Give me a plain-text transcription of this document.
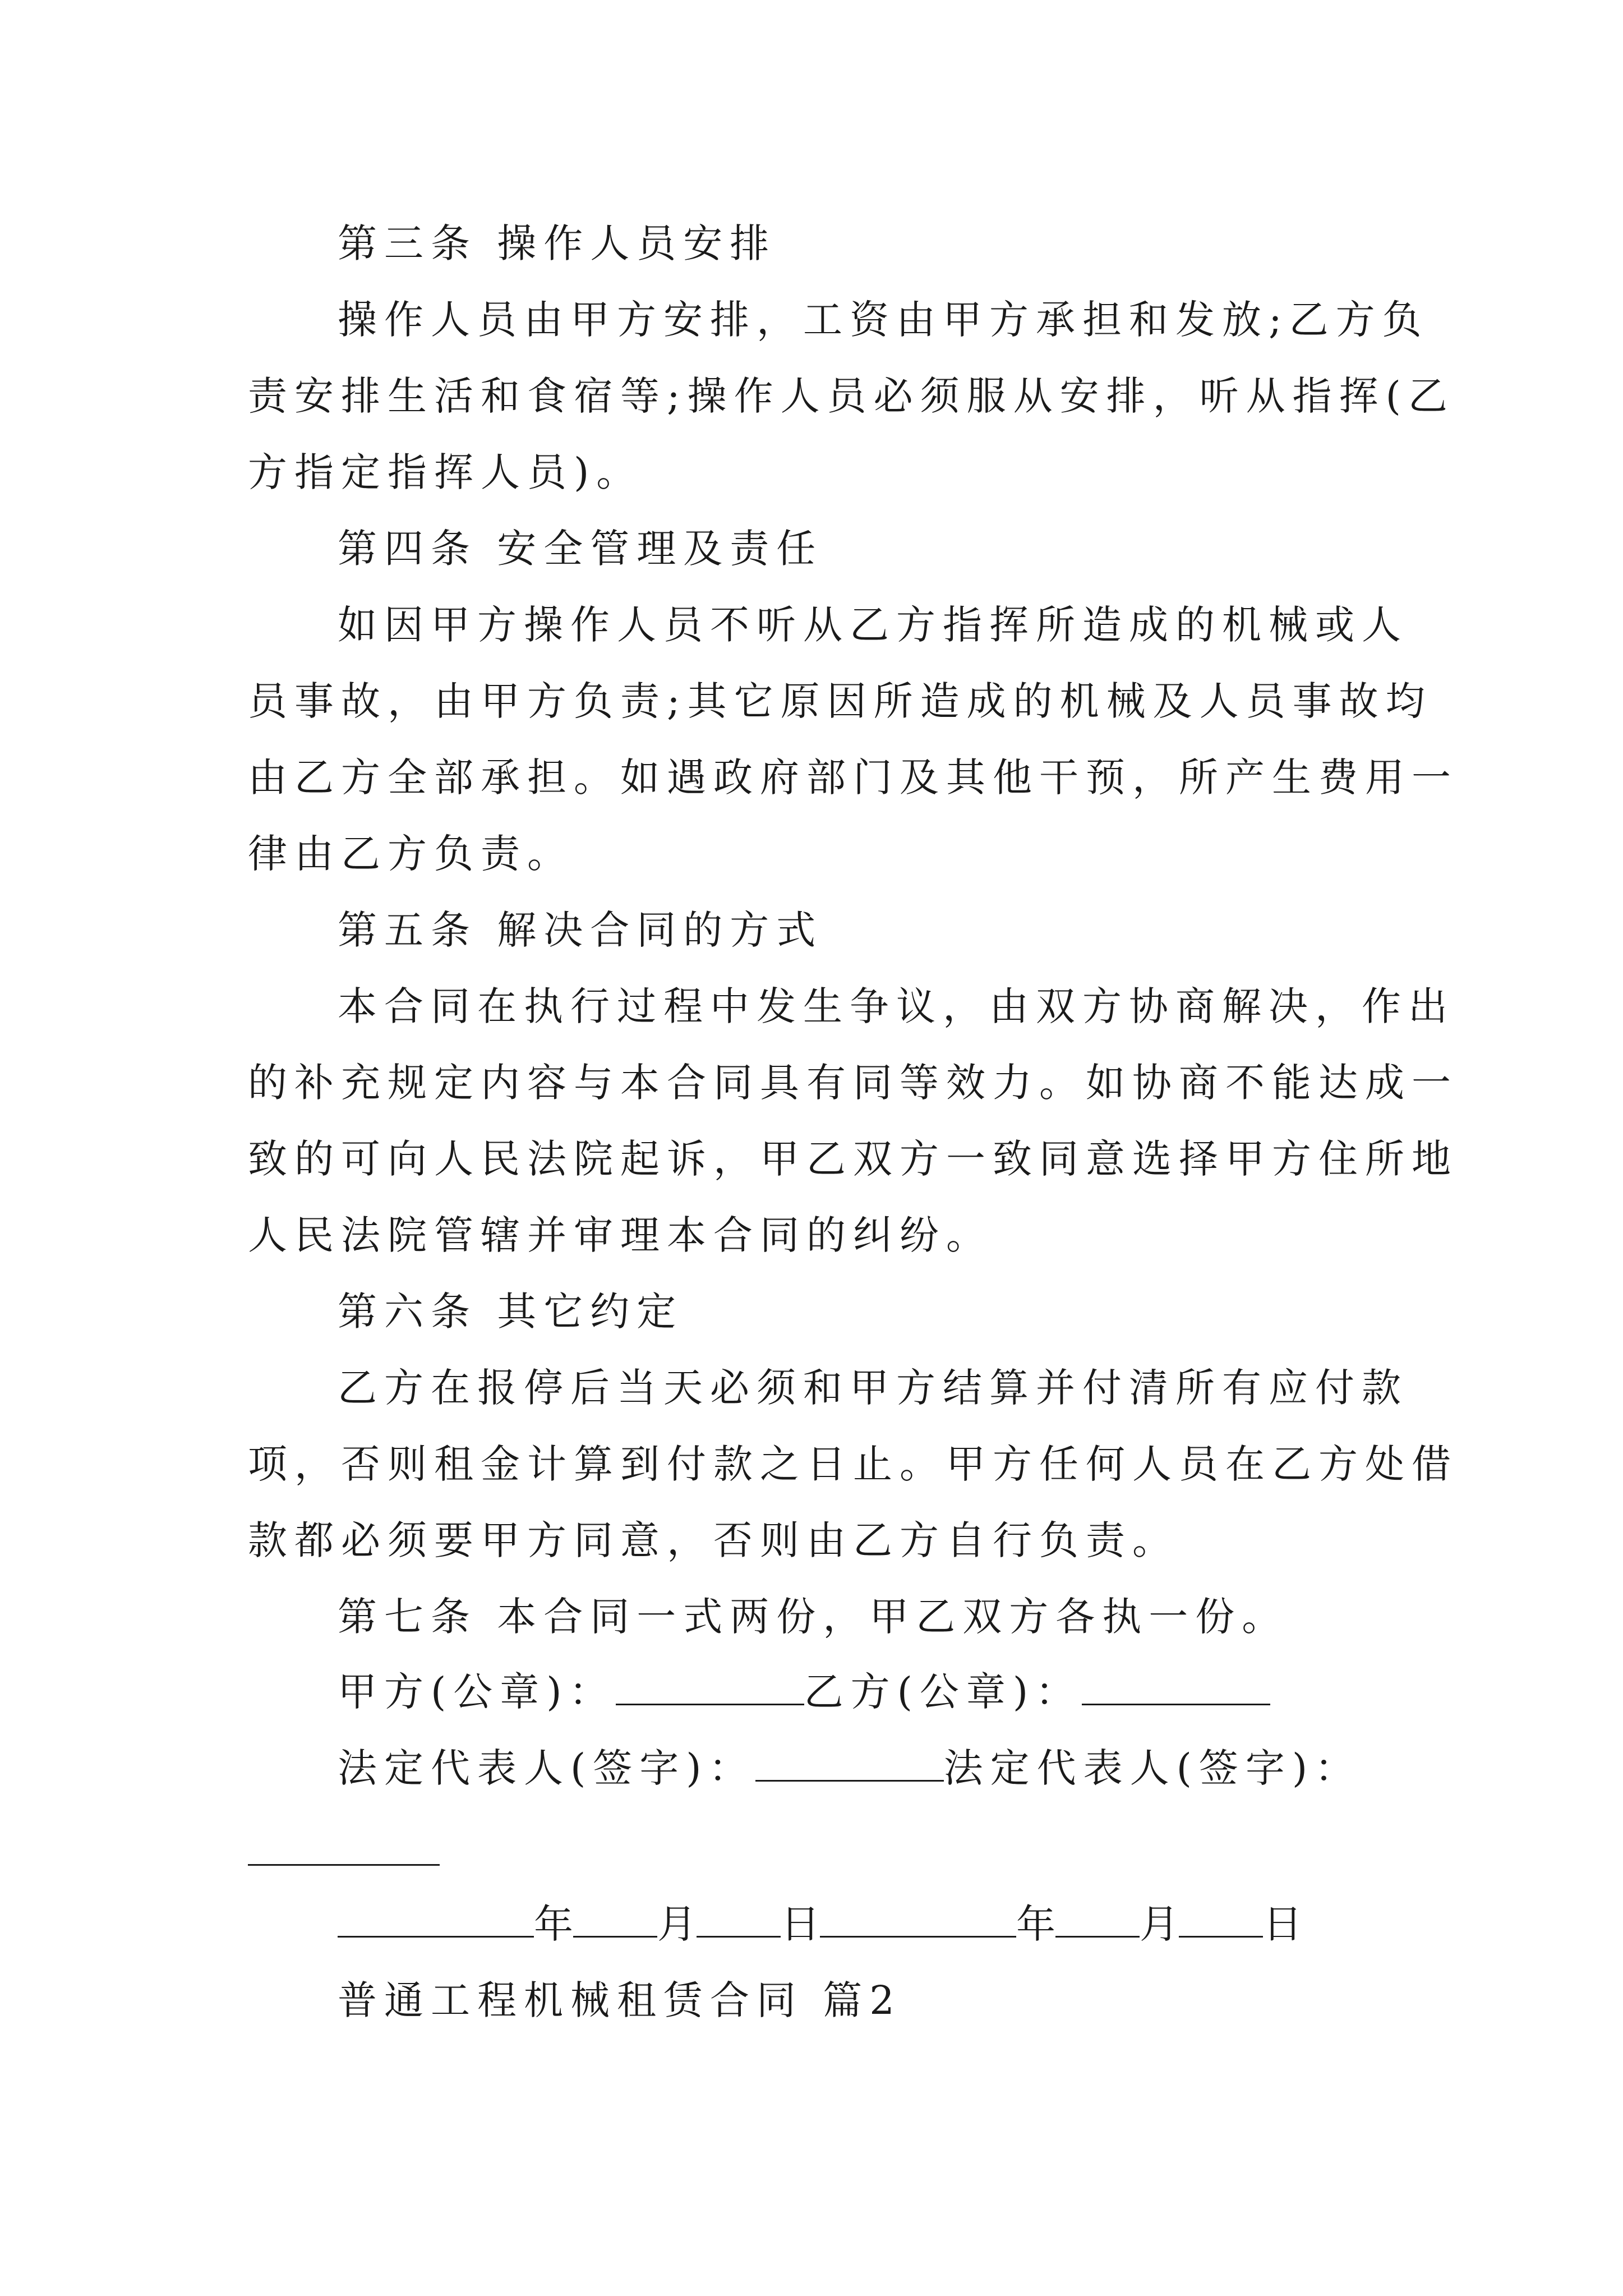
第三条 操作人员安排
操作人员由甲方安排，工资由甲方承担和发放;乙方负
责安排生活和食宿等;操作人员必须服从安排，听从指挥(乙
方指定指挥人员)。
第四条 安全管理及责任
如因甲方操作人员不听从乙方指挥所造成的机械或人
员事故，由甲方负责;其它原因所造成的机械及人员事故均
由乙方全部承担。如遇政府部门及其他干预，所产生费用一
律由乙方负责。
第五条 解决合同的方式
本合同在执行过程中发生争议，由双方协商解决，作出
的补充规定内容与本合同具有同等效力。如协商不能达成一
致的可向人民法院起诉，甲乙双方一致同意选择甲方住所地
人民法院管辖并审理本合同的纠纷。
第六条 其它约定
乙方在报停后当天必须和甲方结算并付清所有应付款
项，否则租金计算到付款之日止。甲方任何人员在乙方处借
款都必须要甲方同意，否则由乙方自行负责。
第七条 本合同一式两份，甲乙双方各执一份。
甲方(公章)：	乙方(公章)：
法定代表人(签字)：	法定代表人(签字)：
年 月 日	年 月 日
普通工程机械租赁合同 篇2
